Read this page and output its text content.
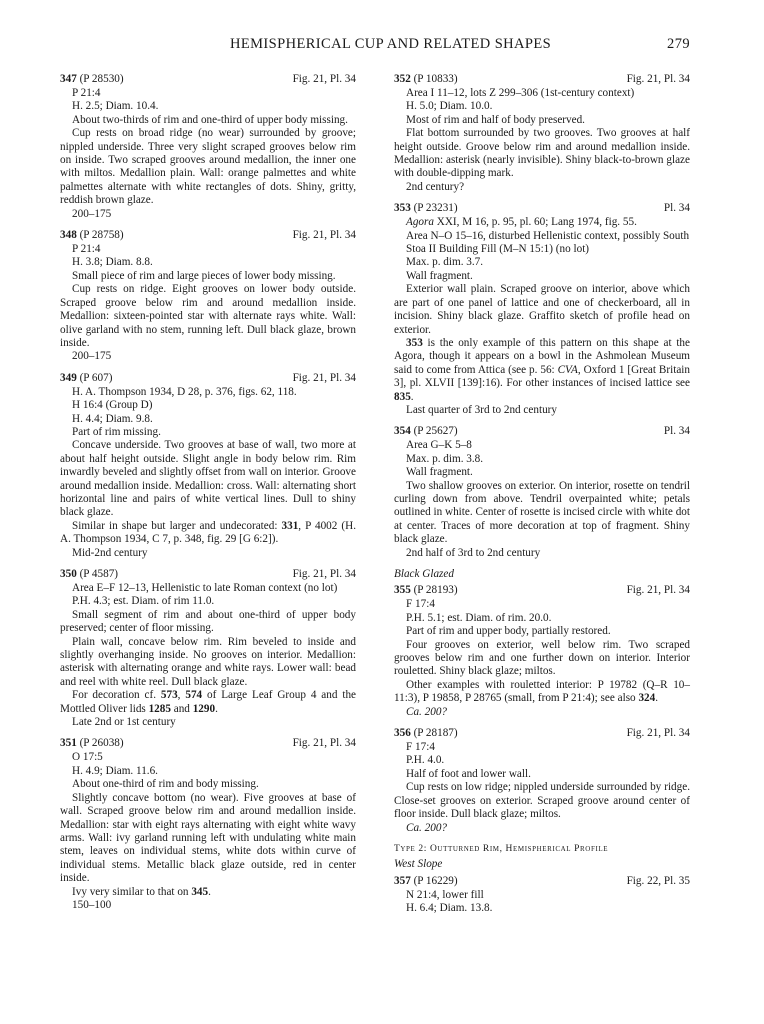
HEMISPHERICAL CUP AND RELATED SHAPES	279
347 (P 28530)	Fig. 21, Pl. 34
P 21:4
H. 2.5; Diam. 10.4.
About two-thirds of rim and one-third of upper body missing.
Cup rests on broad ridge (no wear) surrounded by groove; nippled underside. Three very slight scraped grooves below rim on inside. Two scraped grooves around medallion, the inner one with miltos. Medallion plain. Wall: orange palmettes and white palmettes alternate with white rectangles of dots. Shiny, gritty, reddish brown glaze.
200–175
348 (P 28758)	Fig. 21, Pl. 34
P 21:4
H. 3.8; Diam. 8.8.
Small piece of rim and large pieces of lower body missing.
Cup rests on ridge. Eight grooves on lower body outside. Scraped groove below rim and around medallion inside. Medallion: sixteen-pointed star with alternate rays white. Wall: olive garland with no stem, running left. Dull black glaze, brown inside.
200–175
349 (P 607)	Fig. 21, Pl. 34
H. A. Thompson 1934, D 28, p. 376, figs. 62, 118.
H 16:4 (Group D)
H. 4.4; Diam. 9.8.
Part of rim missing.
Concave underside. Two grooves at base of wall, two more at about half height outside. Slight angle in body below rim. Rim inwardly beveled and slightly offset from wall on interior. Groove around medallion inside. Medallion: cross. Wall: alternating short horizontal line and pairs of white vertical lines. Dull to shiny black glaze.
Similar in shape but larger and undecorated: 331, P 4002 (H. A. Thompson 1934, C 7, p. 348, fig. 29 [G 6:2]).
Mid-2nd century
350 (P 4587)	Fig. 21, Pl. 34
Area E–F 12–13, Hellenistic to late Roman context (no lot)
P.H. 4.3; est. Diam. of rim 11.0.
Small segment of rim and about one-third of upper body preserved; center of floor missing.
Plain wall, concave below rim. Rim beveled to inside and slightly overhanging inside. No grooves on interior. Medallion: asterisk with alternating orange and white rays. Lower wall: bead and reel with white reel. Dull black glaze.
For decoration cf. 573, 574 of Large Leaf Group 4 and the Mottled Oliver lids 1285 and 1290.
Late 2nd or 1st century
351 (P 26038)	Fig. 21, Pl. 34
O 17:5
H. 4.9; Diam. 11.6.
About one-third of rim and body missing.
Slightly concave bottom (no wear). Five grooves at base of wall. Scraped groove below rim and around medallion inside. Medallion: star with eight rays alternating with eight white wavy arms. Wall: ivy garland running left with undulating white main stem, leaves on individual stems, white dots within curve of individual stems. Metallic black glaze outside, red in center inside.
Ivy very similar to that on 345.
150–100
352 (P 10833)	Fig. 21, Pl. 34
Area I 11–12, lots Z 299–306 (1st-century context)
H. 5.0; Diam. 10.0.
Most of rim and half of body preserved.
Flat bottom surrounded by two grooves. Two grooves at half height outside. Groove below rim and around medallion inside. Medallion: asterisk (nearly invisible). Shiny black-to-brown glaze with double-dipping mark.
2nd century?
353 (P 23231)	Pl. 34
Agora XXI, M 16, p. 95, pl. 60; Lang 1974, fig. 55.
Area N–O 15–16, disturbed Hellenistic context, possibly South Stoa II Building Fill (M–N 15:1) (no lot)
Max. p. dim. 3.7.
Wall fragment.
Exterior wall plain. Scraped groove on interior, above which are part of one panel of lattice and one of checkerboard, all in incision. Shiny black glaze. Graffito sketch of profile head on exterior.
353 is the only example of this pattern on this shape at the Agora, though it appears on a bowl in the Ashmolean Museum said to come from Attica (see p. 56: CVA, Oxford 1 [Great Britain 3], pl. XLVII [139]:16). For other instances of incised lattice see 835.
Last quarter of 3rd to 2nd century
354 (P 25627)	Pl. 34
Area G–K 5–8
Max. p. dim. 3.8.
Wall fragment.
Two shallow grooves on exterior. On interior, rosette on tendril curling down from above. Tendril overpainted white; petals outlined in white. Center of rosette is incised circle with white dot at center. Traces of more decoration at top of fragment. Shiny black glaze.
2nd half of 3rd to 2nd century
Black Glazed
355 (P 28193)	Fig. 21, Pl. 34
F 17:4
P.H. 5.1; est. Diam. of rim. 20.0.
Part of rim and upper body, partially restored.
Four grooves on exterior, well below rim. Two scraped grooves below rim and one further down on interior. Interior rouletted. Shiny black glaze; miltos.
Other examples with rouletted interior: P 19782 (Q–R 10–11:3), P 19858, P 28765 (small, from P 21:4); see also 324.
Ca. 200?
356 (P 28187)	Fig. 21, Pl. 34
F 17:4
P.H. 4.0.
Half of foot and lower wall.
Cup rests on low ridge; nippled underside surrounded by ridge. Close-set grooves on exterior. Scraped groove around center of floor inside. Dull black glaze; miltos.
Ca. 200?
Type 2: Outturned Rim, Hemispherical Profile
West Slope
357 (P 16229)	Fig. 22, Pl. 35
N 21:4, lower fill
H. 6.4; Diam. 13.8.
